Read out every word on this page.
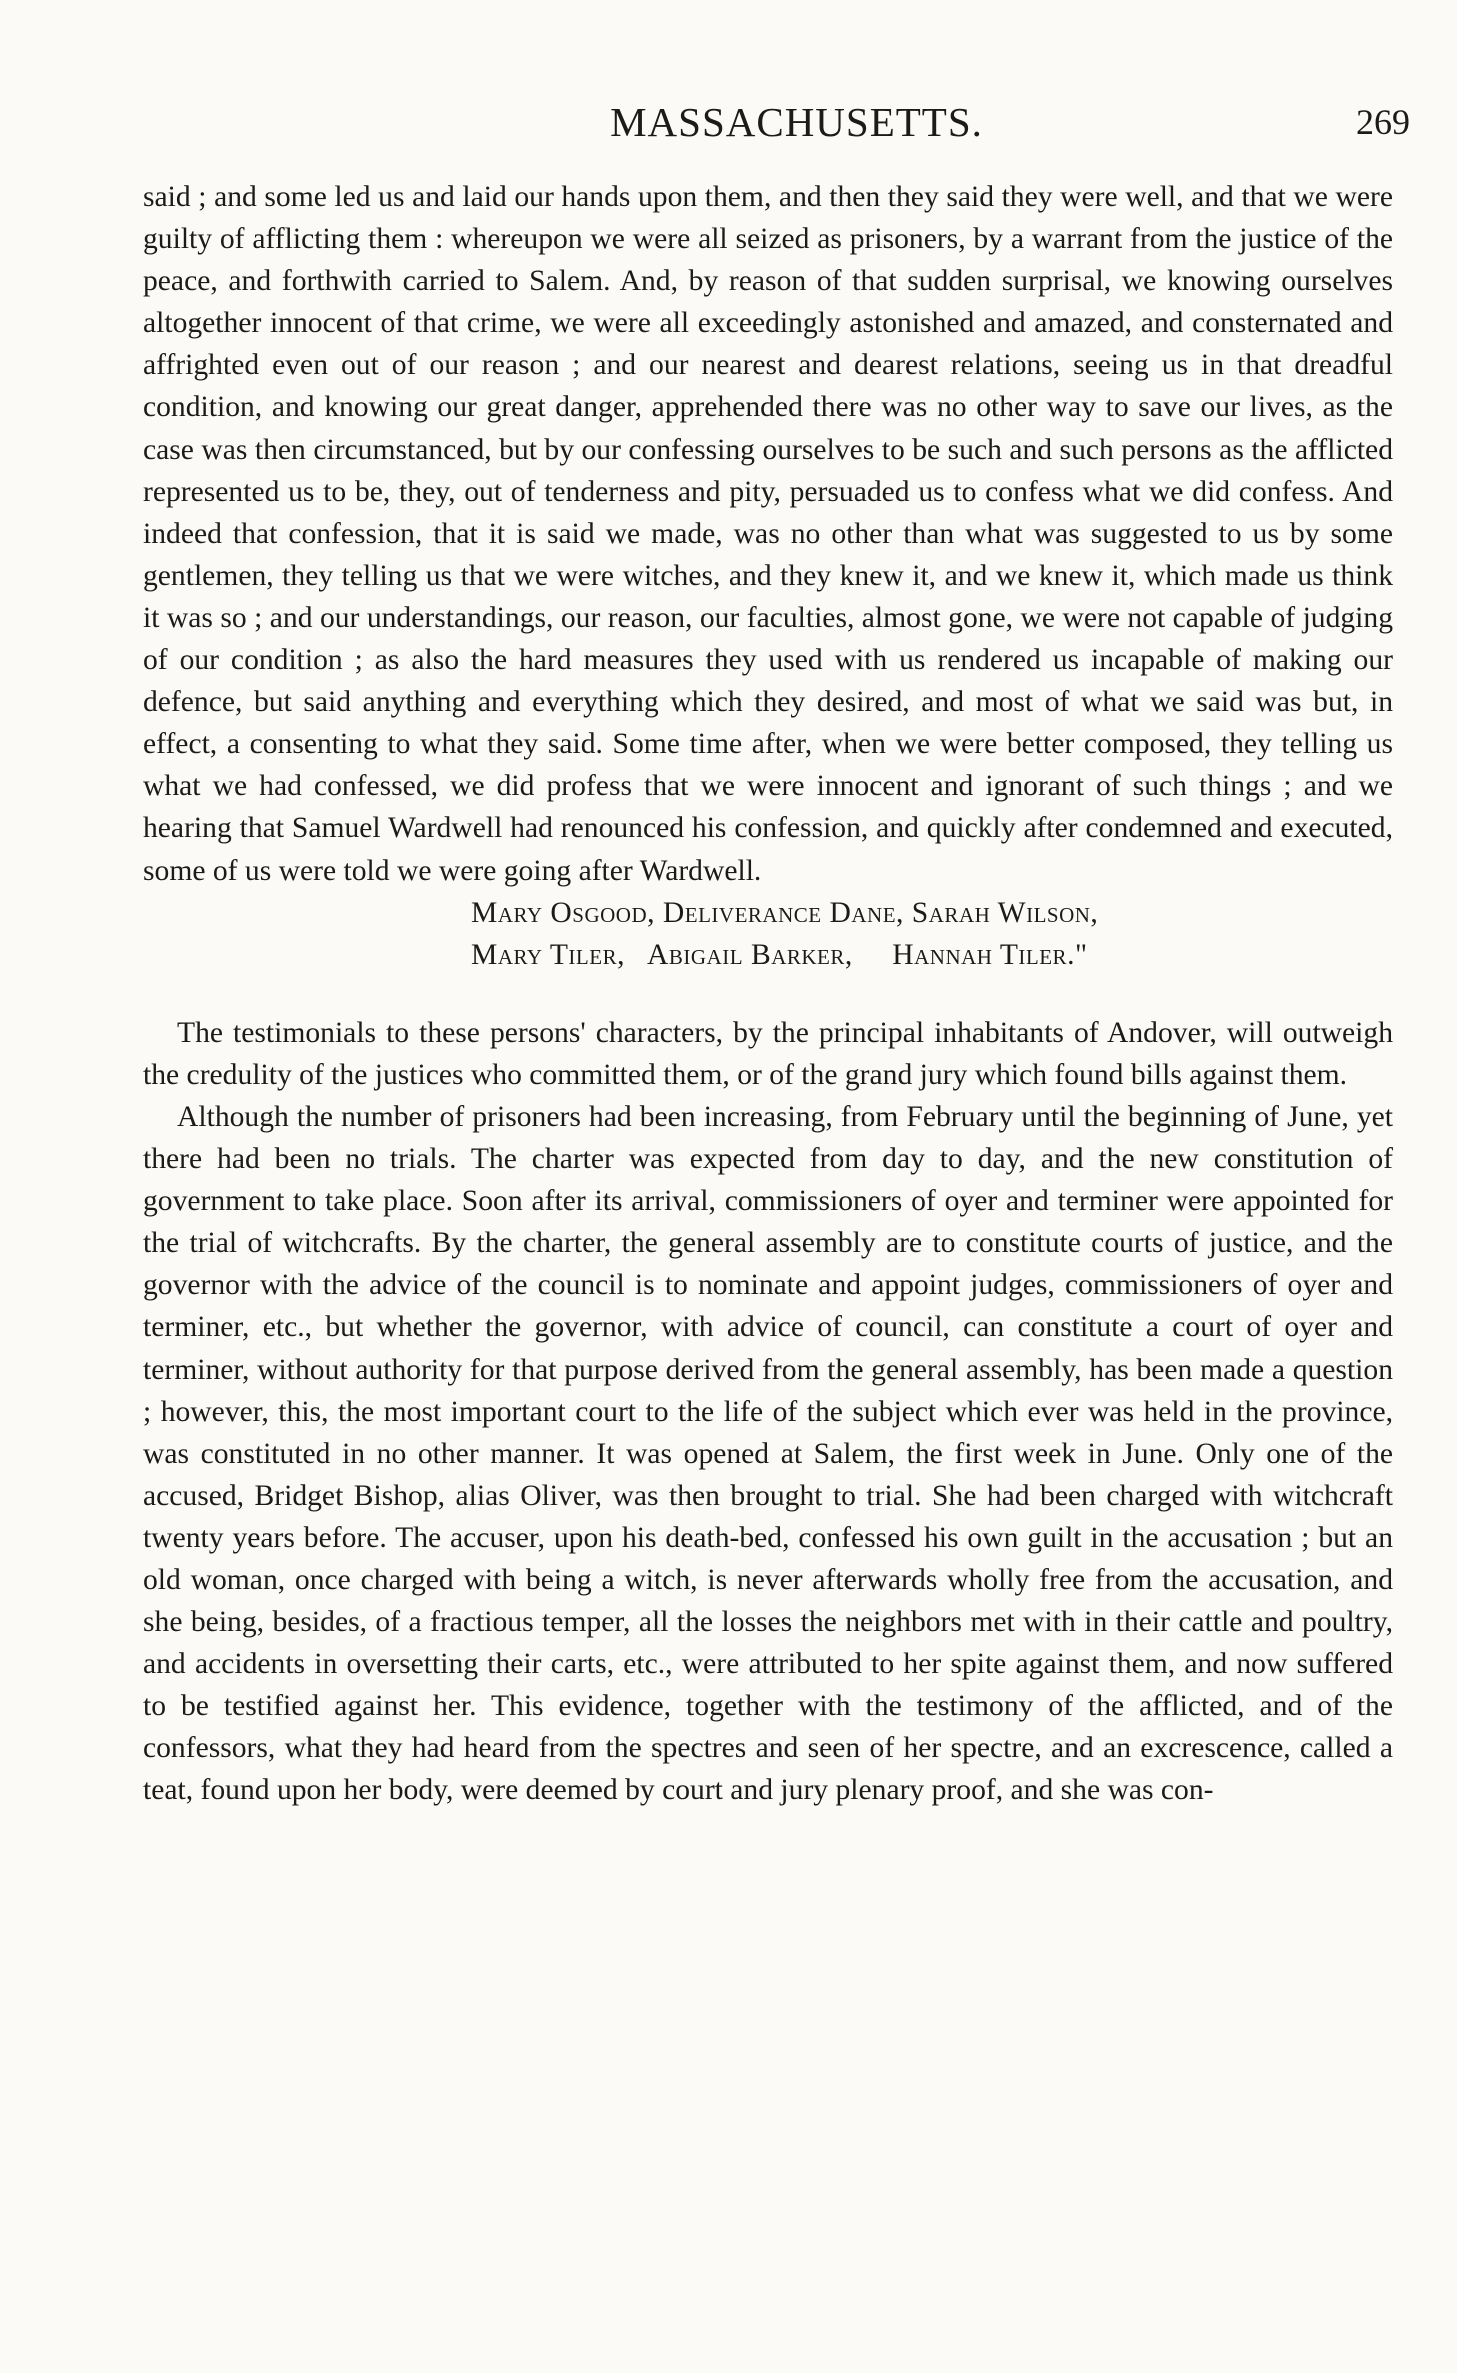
MASSACHUSETTS.	269

said ; and some led us and laid our hands upon them, and then they said they were well, and that we were guilty of afflicting them : whereupon we were all seized as prisoners, by a warrant from the justice of the peace, and forthwith carried to Salem. And, by reason of that sudden surprisal, we knowing ourselves altogether innocent of that crime, we were all exceedingly astonished and amazed, and consternated and affrighted even out of our reason ; and our nearest and dearest relations, seeing us in that dreadful condition, and knowing our great danger, apprehended there was no other way to save our lives, as the case was then circumstanced, but by our confessing ourselves to be such and such persons as the afflicted represented us to be, they, out of tenderness and pity, persuaded us to confess what we did confess. And indeed that confession, that it is said we made, was no other than what was suggested to us by some gentlemen, they telling us that we were witches, and they knew it, and we knew it, which made us think it was so ; and our understandings, our reason, our faculties, almost gone, we were not capable of judging of our condition ; as also the hard measures they used with us rendered us incapable of making our defence, but said anything and everything which they desired, and most of what we said was but, in effect, a consenting to what they said. Some time after, when we were better composed, they telling us what we had confessed, we did profess that we were innocent and ignorant of such things ; and we hearing that Samuel Wardwell had renounced his confession, and quickly after condemned and executed, some of us were told we were going after Wardwell.

Mary Osgood, Deliverance Dane, Sarah Wilson,
Mary Tiler,   Abigail Barker,     Hannah Tiler."

The testimonials to these persons' characters, by the principal inhabitants of Andover, will outweigh the credulity of the justices who committed them, or of the grand jury which found bills against them.

Although the number of prisoners had been increasing, from February until the beginning of June, yet there had been no trials. The charter was expected from day to day, and the new constitution of government to take place. Soon after its arrival, commissioners of oyer and terminer were appointed for the trial of witchcrafts. By the charter, the general assembly are to constitute courts of justice, and the governor with the advice of the council is to nominate and appoint judges, commissioners of oyer and terminer, etc., but whether the governor, with advice of council, can constitute a court of oyer and terminer, without authority for that purpose derived from the general assembly, has been made a question ; however, this, the most important court to the life of the subject which ever was held in the province, was constituted in no other manner. It was opened at Salem, the first week in June. Only one of the accused, Bridget Bishop, alias Oliver, was then brought to trial. She had been charged with witchcraft twenty years before. The accuser, upon his death-bed, confessed his own guilt in the accusation ; but an old woman, once charged with being a witch, is never afterwards wholly free from the accusation, and she being, besides, of a fractious temper, all the losses the neighbors met with in their cattle and poultry, and accidents in oversetting their carts, etc., were attributed to her spite against them, and now suffered to be testified against her. This evidence, together with the testimony of the afflicted, and of the confessors, what they had heard from the spectres and seen of her spectre, and an excrescence, called a teat, found upon her body, were deemed by court and jury plenary proof, and she was con-
